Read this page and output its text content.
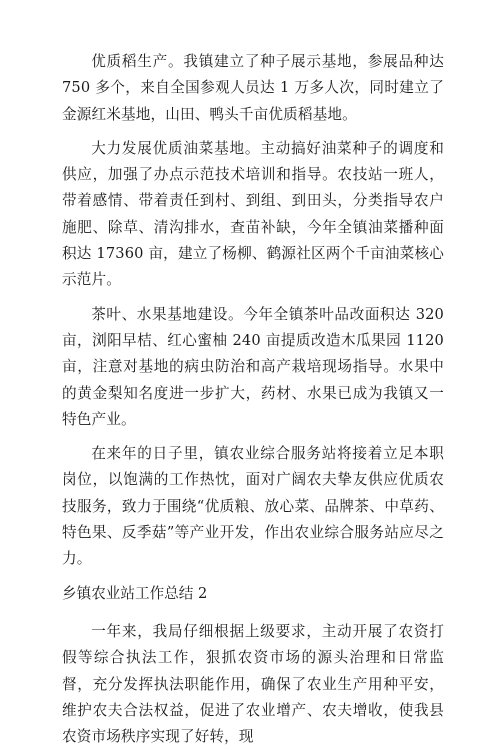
优质稻生产。我镇建立了种子展示基地，参展品种达 750 多个，来自全国参观人员达 1 万多人次，同时建立了金源红米基地，山田、鸭头千亩优质稻基地。

大力发展优质油菜基地。主动搞好油菜种子的调度和供应，加强了办点示范技术培训和指导。农技站一班人，带着感情、带着责任到村、到组、到田头，分类指导农户施肥、除草、清沟排水，查苗补缺，今年全镇油菜播种面积达 17360 亩，建立了杨柳、鹤源社区两个千亩油菜核心示范片。

茶叶、水果基地建设。今年全镇茶叶品改面积达 320 亩，浏阳早桔、红心蜜柚 240 亩提质改造木瓜果园 1120 亩，注意对基地的病虫防治和高产栽培现场指导。水果中的黄金梨知名度进一步扩大，药材、水果已成为我镇又一特色产业。

在来年的日子里，镇农业综合服务站将接着立足本职岗位，以饱满的工作热忱，面对广阔农夫挚友供应优质农技服务，致力于围绕“优质粮、放心菜、品牌茶、中草药、特色果、反季菇”等产业开发，作出农业综合服务站应尽之力。

乡镇农业站工作总结 2

一年来，我局仔细根据上级要求，主动开展了农资打假等综合执法工作，狠抓农资市场的源头治理和日常监督，充分发挥执法职能作用，确保了农业生产用种平安，维护农夫合法权益，促进了农业增产、农夫增收，使我县农资市场秩序实现了好转，现
